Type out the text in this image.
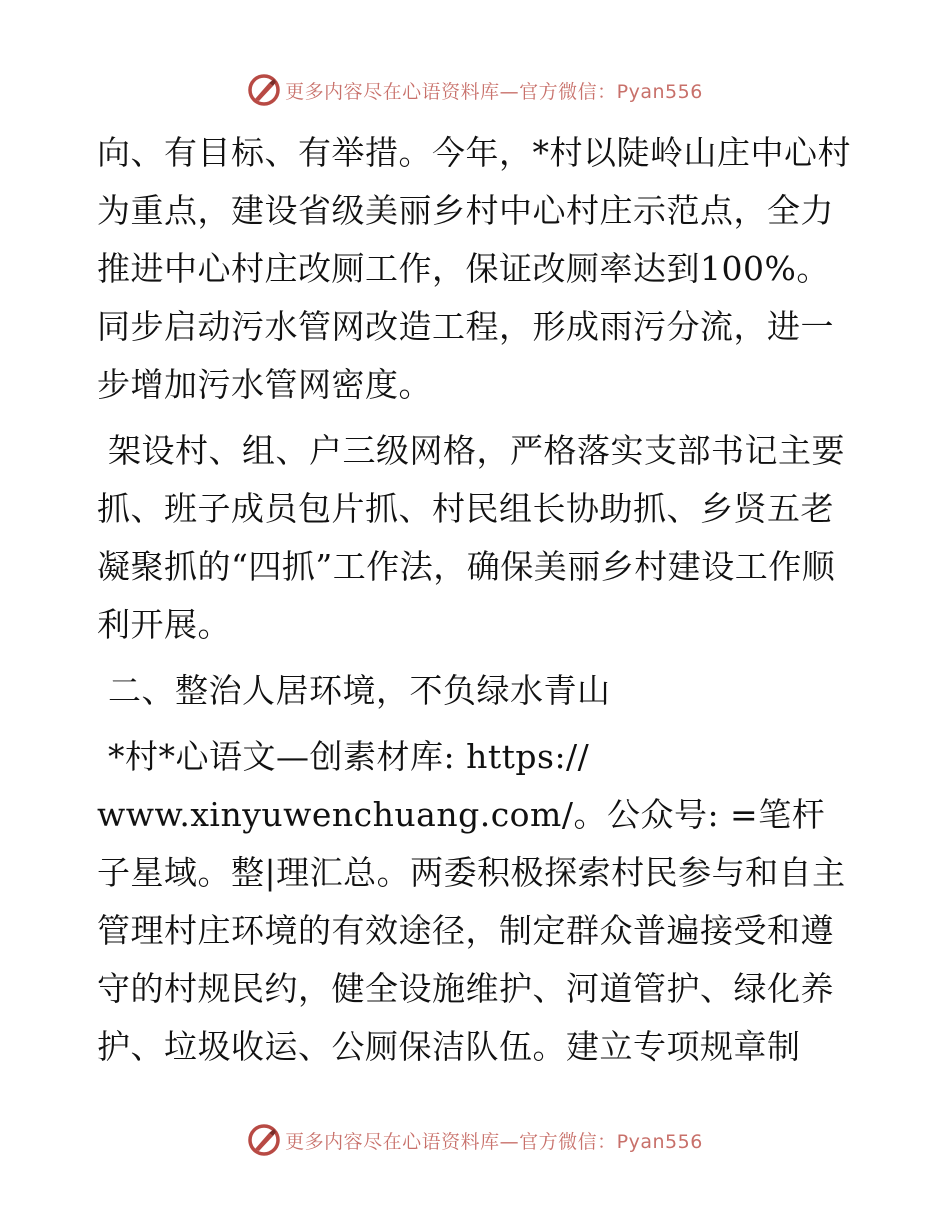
更多内容尽在心语资料库—官方微信：Pyan556

向、有目标、有举措。今年，*村以陡岭山庄中心村为重点，建设省级美丽乡村中心村庄示范点，全力推进中心村庄改厕工作，保证改厕率达到100%。同步启动污水管网改造工程，形成雨污分流，进一步增加污水管网密度。

架设村、组、户三级网格，严格落实支部书记主要抓、班子成员包片抓、村民组长协助抓、乡贤五老凝聚抓的“四抓”工作法，确保美丽乡村建设工作顺利开展。

二、整治人居环境，不负绿水青山

*村*心语文—创素材库: https://

www.xinyuwenchuang.com/。公众号: =笔杆子星域。整|理汇总。两委积极探索村民参与和自主管理村庄环境的有效途径，制定群众普遍接受和遵守的村规民约，健全设施维护、河道管护、绿化养护、垃圾收运、公厕保洁队伍。建立专项规章制

更多内容尽在心语资料库—官方微信：Pyan556
